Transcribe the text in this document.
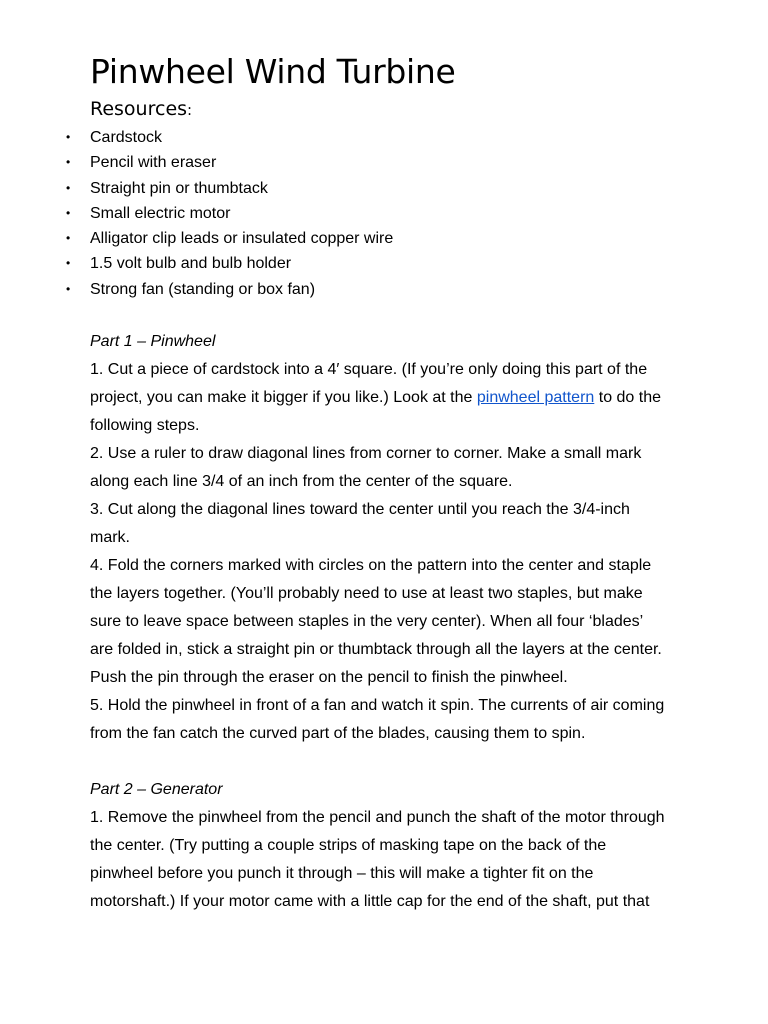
Pinwheel Wind Turbine
Resources:
• Cardstock
• Pencil with eraser
• Straight pin or thumbtack
• Small electric motor
• Alligator clip leads or insulated copper wire
• 1.5 volt bulb and bulb holder
• Strong fan (standing or box fan)
Part 1 – Pinwheel
1. Cut a piece of cardstock into a 4′ square. (If you’re only doing this part of the
project, you can make it bigger if you like.) Look at the pinwheel pattern to do the
following steps.
2. Use a ruler to draw diagonal lines from corner to corner. Make a small mark
along each line 3/4 of an inch from the center of the square.
3. Cut along the diagonal lines toward the center until you reach the 3/4-inch
mark.
4. Fold the corners marked with circles on the pattern into the center and staple
the layers together. (You’ll probably need to use at least two staples, but make
sure to leave space between staples in the very center). When all four ‘blades’
are folded in, stick a straight pin or thumbtack through all the layers at the center.
Push the pin through the eraser on the pencil to finish the pinwheel.
5. Hold the pinwheel in front of a fan and watch it spin. The currents of air coming
from the fan catch the curved part of the blades, causing them to spin.
Part 2 – Generator
1. Remove the pinwheel from the pencil and punch the shaft of the motor through
the center. (Try putting a couple strips of masking tape on the back of the
pinwheel before you punch it through – this will make a tighter fit on the
motorshaft.) If your motor came with a little cap for the end of the shaft, put that
